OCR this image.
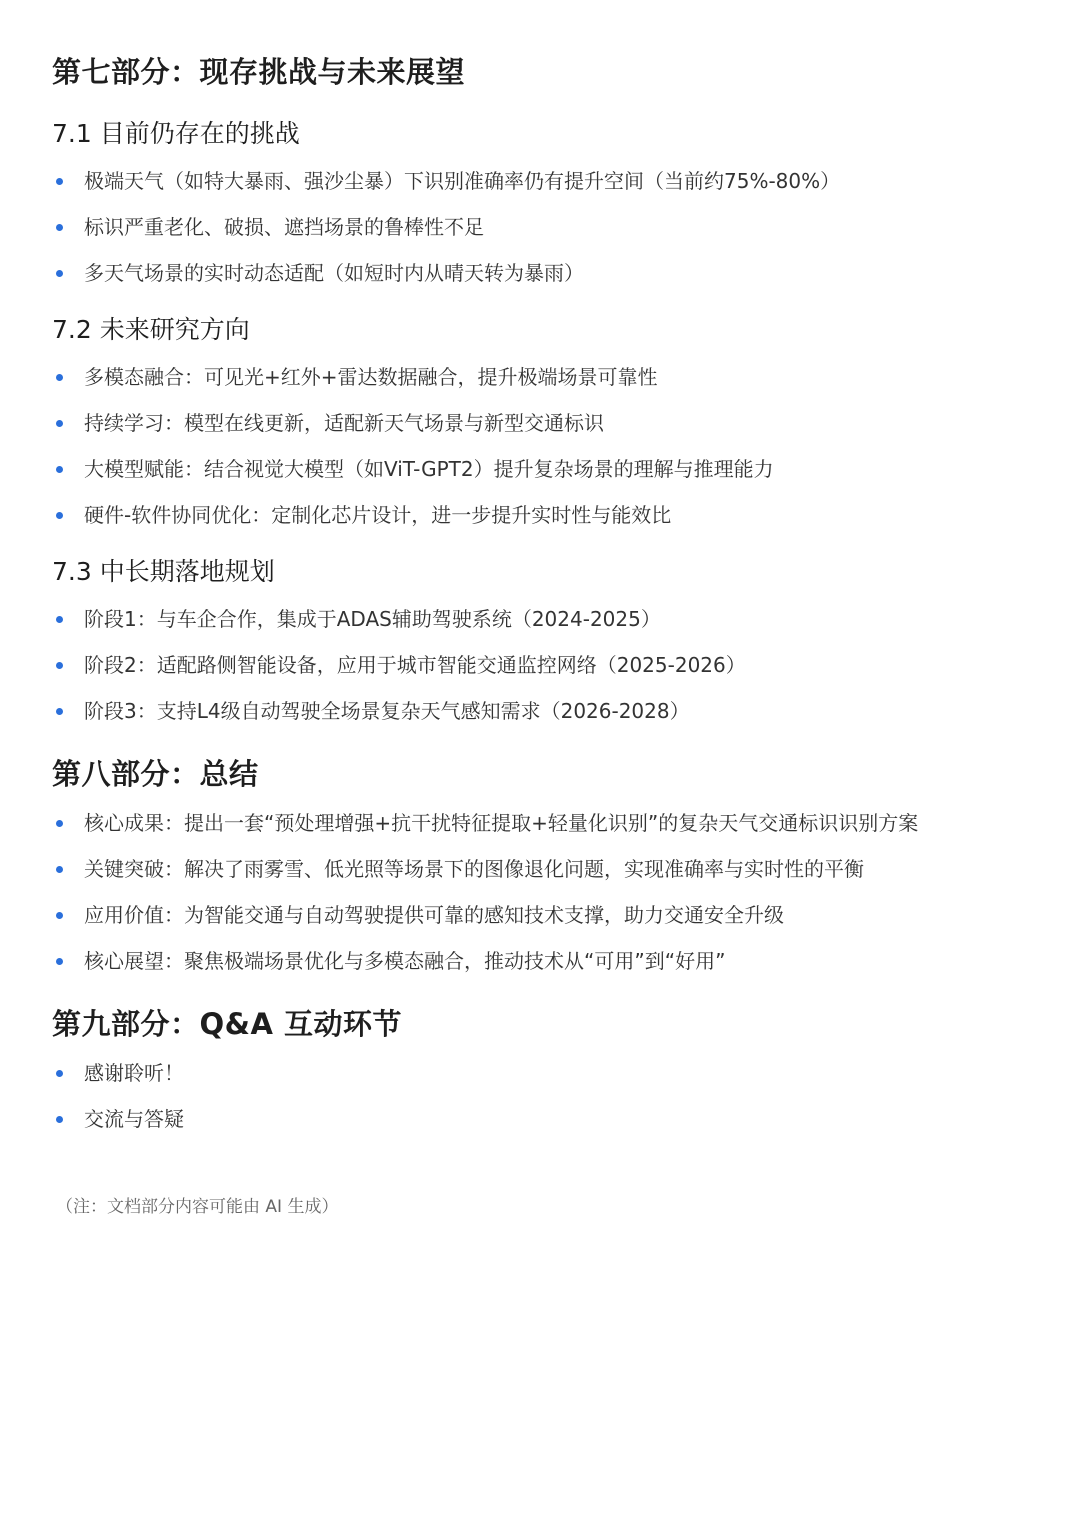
第七部分：现存挑战与未来展望
7.1 目前仍存在的挑战
极端天气（如特大暴雨、强沙尘暴）下识别准确率仍有提升空间（当前约75%-80%）
标识严重老化、破损、遮挡场景的鲁棒性不足
多天气场景的实时动态适配（如短时内从晴天转为暴雨）
7.2 未来研究方向
多模态融合：可见光+红外+雷达数据融合，提升极端场景可靠性
持续学习：模型在线更新，适配新天气场景与新型交通标识
大模型赋能：结合视觉大模型（如ViT-GPT2）提升复杂场景的理解与推理能力
硬件-软件协同优化：定制化芯片设计，进一步提升实时性与能效比
7.3 中长期落地规划
阶段1：与车企合作，集成于ADAS辅助驾驶系统（2024-2025）
阶段2：适配路侧智能设备，应用于城市智能交通监控网络（2025-2026）
阶段3：支持L4级自动驾驶全场景复杂天气感知需求（2026-2028）
第八部分：总结
核心成果：提出一套“预处理增强+抗干扰特征提取+轻量化识别”的复杂天气交通标识识别方案
关键突破：解决了雨雾雪、低光照等场景下的图像退化问题，实现准确率与实时性的平衡
应用价值：为智能交通与自动驾驶提供可靠的感知技术支撑，助力交通安全升级
核心展望：聚焦极端场景优化与多模态融合，推动技术从“可用”到“好用”
第九部分：Q&A 互动环节
感谢聆听！
交流与答疑
（注：文档部分内容可能由 AI 生成）
